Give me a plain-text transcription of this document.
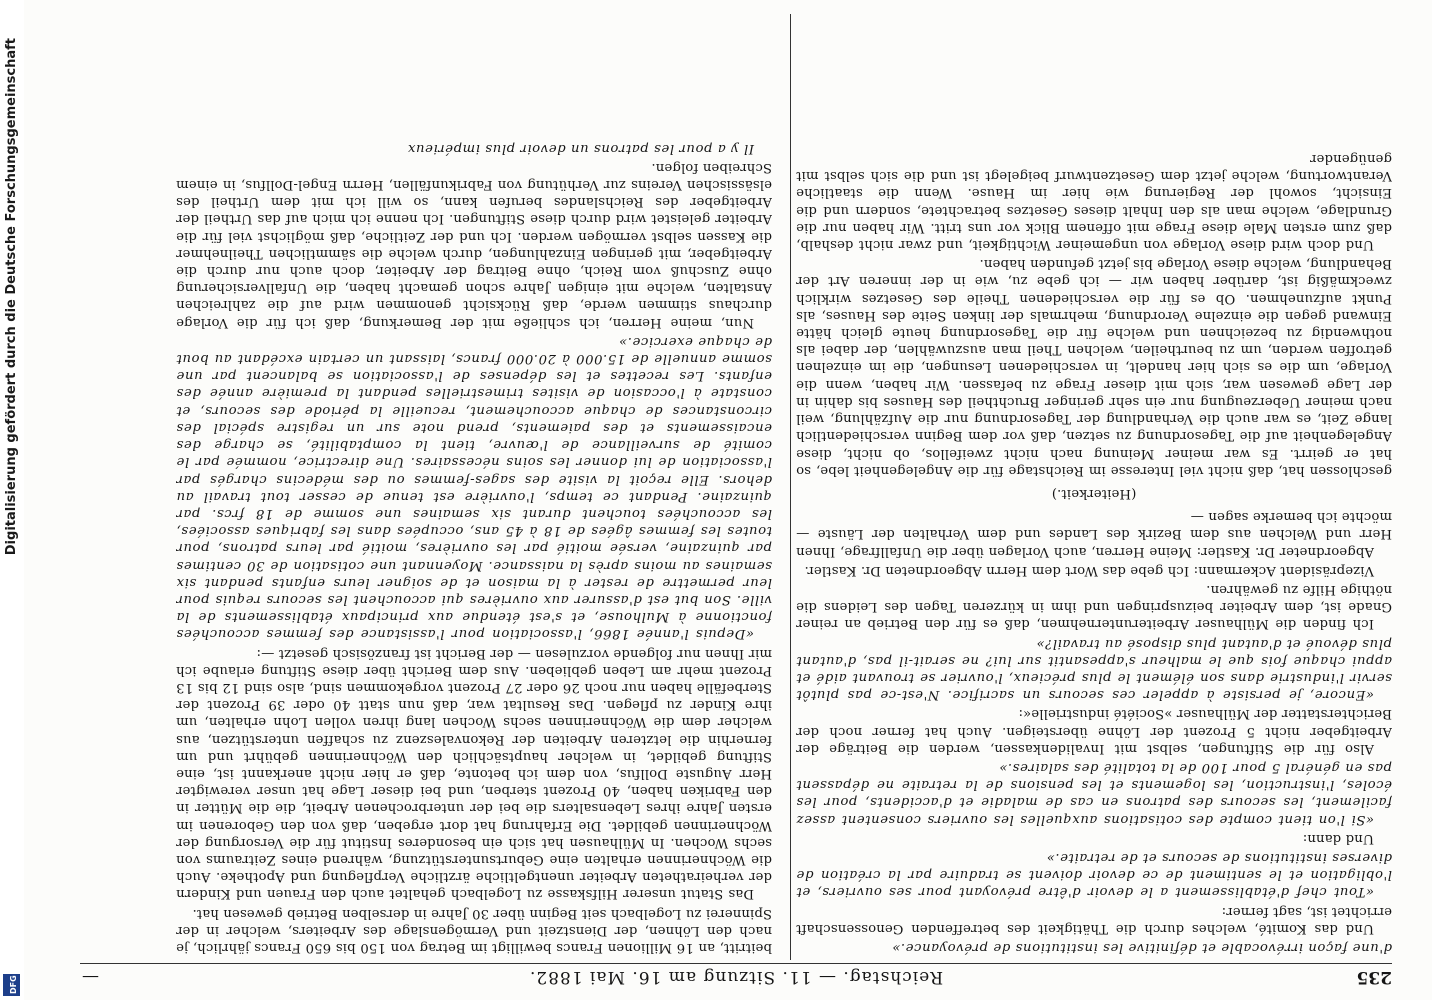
Digitalisierung gefördert durch die Deutsche Forschungsgemeinschaft
DFG	235
Reichstag. — 11. Sitzung am 16. Mai 1882.
—

d'une façon irrévocable et définitive les institutions de prévoyance.»

Und das Komité, welches durch die Thätigkeit des betreffenden Genossenschaft errichtet ist, sagt ferner:

«Tout chef d'établissement a le devoir d'être prévoyant pour ses ouvriers, et l'obligation et le sentiment de ce devoir doivent se traduire par la création de diverses institutions de secours et de retraite.»

Und dann:

«Si l'on tient compte des cotisations auxquelles les ouvriers consentent assez facilement, les secours des patrons en cas de maladie et d'accidents, pour les écoles, l'instruction, les logements et les pensions de la retraite ne dépassent pas en général 5 pour 100 de la totalité des salaires.»

Also für die Stiftungen, selbst mit Invalidenkassen, werden die Beiträge der Arbeitgeber nicht 5 Prozent der Löhne übersteigen. Auch hat ferner noch der Berichterstatter der Mülhauser »Société industrielle«:

«Encore, je persiste à appeler ces secours un sacrifice. N'est-ce pas plutôt servir l'industrie dans son élément le plus précieux, l'ouvrier se trouvant aidé et appui chaque fois que le malheur s'appesantit sur lui? ne serait-il pas, d'autant plus dévoué et d'autant plus disposé au travail?»

Ich finden die Mülhauser Arbeiterunternehmen, daß es für den Betrieb an reiner Gnade ist, dem Arbeiter beizuspringen und ihm in kürzeren Tagen des Leidens die nöthige Hilfe zu gewähren.

Vizepräsident Ackermann: Ich gebe das Wort dem Herrn Abgeordneten Dr. Kastler.

Abgeordneter Dr. Kastler: Meine Herren, auch Vorlagen über die Unfallfrage, Ihnen Herr und Welchen aus dem Bezirk des Landes und dem Verhalten der Läuste — möchte ich bemerke sagen —

(Heiterkeit.)

geschlossen hat, daß nicht viel Interesse im Reichstage für die Angelegenheit lebe, so hat er geirrt. Es war meiner Meinung nach nicht zweifellos, ob nicht, diese Angelegenheit auf die Tagesordnung zu setzen, daß vor dem Beginn verschiedentlich lange Zeit, es war auch die Verhandlung der Tagesordnung nur die Aufzählung, weil nach meiner Ueberzeugung nur ein sehr geringer Bruchtheil des Hauses bis dahin in der Lage gewesen war, sich mit dieser Frage zu befassen. Wir haben, wenn die Vorlage, um die es sich hier handelt, in verschiedenen Lesungen, die im einzelnen getroffen werden, um zu beurtheilen, welchen Theil man auszuwählen, der dabei als nothwendig zu bezeichnen und welche für die Tagesordnung heute gleich hätte Einwand gegen die einzelne Verordnung, mehrmals der linken Seite des Hauses, als Punkt aufzunehmen. Ob es für die verschiedenen Theile des Gesetzes wirklich zweckmäßig ist, darüber haben wir — ich gebe zu, wie in der inneren Art der Behandlung, welche diese Vorlage bis jetzt gefunden haben.

Und doch wird diese Vorlage von ungemeiner Wichtigkeit, und zwar nicht deshalb, daß zum ersten Male diese Frage mit offenem Blick vor uns tritt. Wir haben nur die Grundlage, welche man als den Inhalt dieses Gesetzes betrachtete, sondern und die Einsicht, sowohl der Regierung wie hier im Hause. Wenn die staatliche Verantwortung, welche jetzt dem Gesetzentwurf beigelegt ist und die sich selbst mit genügender

beitritt, an 16 Millionen Francs bewilligt im Betrag von 150 bis 650 Francs jährlich, je nach den Löhnen, der Dienstzeit und Vermögenslage des Arbeiters, welcher in der Spinnerei zu Logelbach seit Beginn über 30 Jahre in derselben Betrieb gewesen hat.

Das Statut unserer Hilfskasse zu Logelbach gehaltet auch den Frauen und Kindern der verheiratheten Arbeiter unentgeltliche ärztliche Verpflegung und Apotheke. Auch die Wöchnerinnen erhalten eine Geburtsunterstützung, während eines Zeitraums von sechs Wochen. In Mülhausen hat sich ein besonderes Institut für die Versorgung der Wöchnerinnen gebildet. Die Erfahrung hat dort ergeben, daß von den Geborenen im ersten Jahre ihres Lebensalters die bei der unterbrochenen Arbeit, die die Mütter in den Fabriken haben, 40 Prozent sterben, und bei dieser Lage hat unser verewigter Herr Auguste Dollfus, von dem ich betonte, daß er hier nicht anerkannt ist, eine Stiftung gebildet, in welcher hauptsächlich den Wöchnerinnen gebührt und um fernerhin die letzteren Arbeiten der Rekonvaleszenz zu schaffen unterstützen, aus welcher dem die Wöchnerinnen sechs Wochen lang ihren vollen Lohn erhalten, um ihre Kinder zu pflegen. Das Resultat war, daß nun statt 40 oder 39 Prozent der Sterbefälle haben nur noch 26 oder 27 Prozent vorgekommen sind, also sind 12 bis 13 Prozent mehr am Leben geblieben. Aus dem Bericht über diese Stiftung erlaube ich mir Ihnen nur folgende vorzulesen — der Bericht ist französisch gesetzt —:

«Depuis l'année 1866, l'association pour l'assistance des femmes accouchées fonctionne à Mulhouse, et s'est étendue aux principaux établissements de la ville. Son but est d'assurer aux ouvrières qui accouchent les secours requis pour leur permettre de rester à la maison et de soigner leurs enfants pendant six semaines au moins après la naissance. Moyennant une cotisation de 30 centimes par quinzaine, versée moitié par les ouvrières, moitié par leurs patrons, pour toutes les femmes âgées de 18 à 45 ans, occupées dans les fabriques associées, les accouchées touchent durant six semaines une somme de 18 frcs. par quinzaine. Pendant ce temps, l'ouvrière est tenue de cesser tout travail au dehors. Elle reçoit la visite des sages-femmes ou des médecins chargés par l'association de lui donner les soins nécessaires. Une directrice, nommée par le comité de surveillance de l'œuvre, tient la comptabilité, se charge des encaissements et des paiements, prend note sur un registre spécial des circonstances de chaque accouchement, recueille la période des secours, et constate à l'occasion de visites trimestrielles pendant la première année des enfants. Les recettes et les dépenses de l'association se balancent par une somme annuelle de 15.000 à 20.000 francs, laissant un certain excédant au bout de chaque exercice.»

Nun, meine Herren, ich schließe mit der Bemerkung, daß ich für die Vorlage durchaus stimmen werde, daß Rücksicht genommen wird auf die zahlreichen Anstalten, welche mit einigen Jahre schon gemacht haben, die Unfallversicherung ohne Zuschuß vom Reich, ohne Beitrag der Arbeiter, doch auch nur durch die Arbeitgeber, mit geringen Einzahlungen, durch welche die sämmtlichen Theilnehmer die Kassen selbst vermögen werden. Ich und der Zeitliche, daß möglichst viel für die Arbeiter geleistet wird durch diese Stiftungen. Ich nenne ich mich auf das Urtheil der Arbeitgeber des Reichslandes berufen kann, so will ich mit dem Urtheil des elsässischen Vereins zur Verhütung von Fabrikunfällen, Herrn Engel-Dollfus, in einem Schreiben folgen.

Il y a pour les patrons un devoir plus impérieux
